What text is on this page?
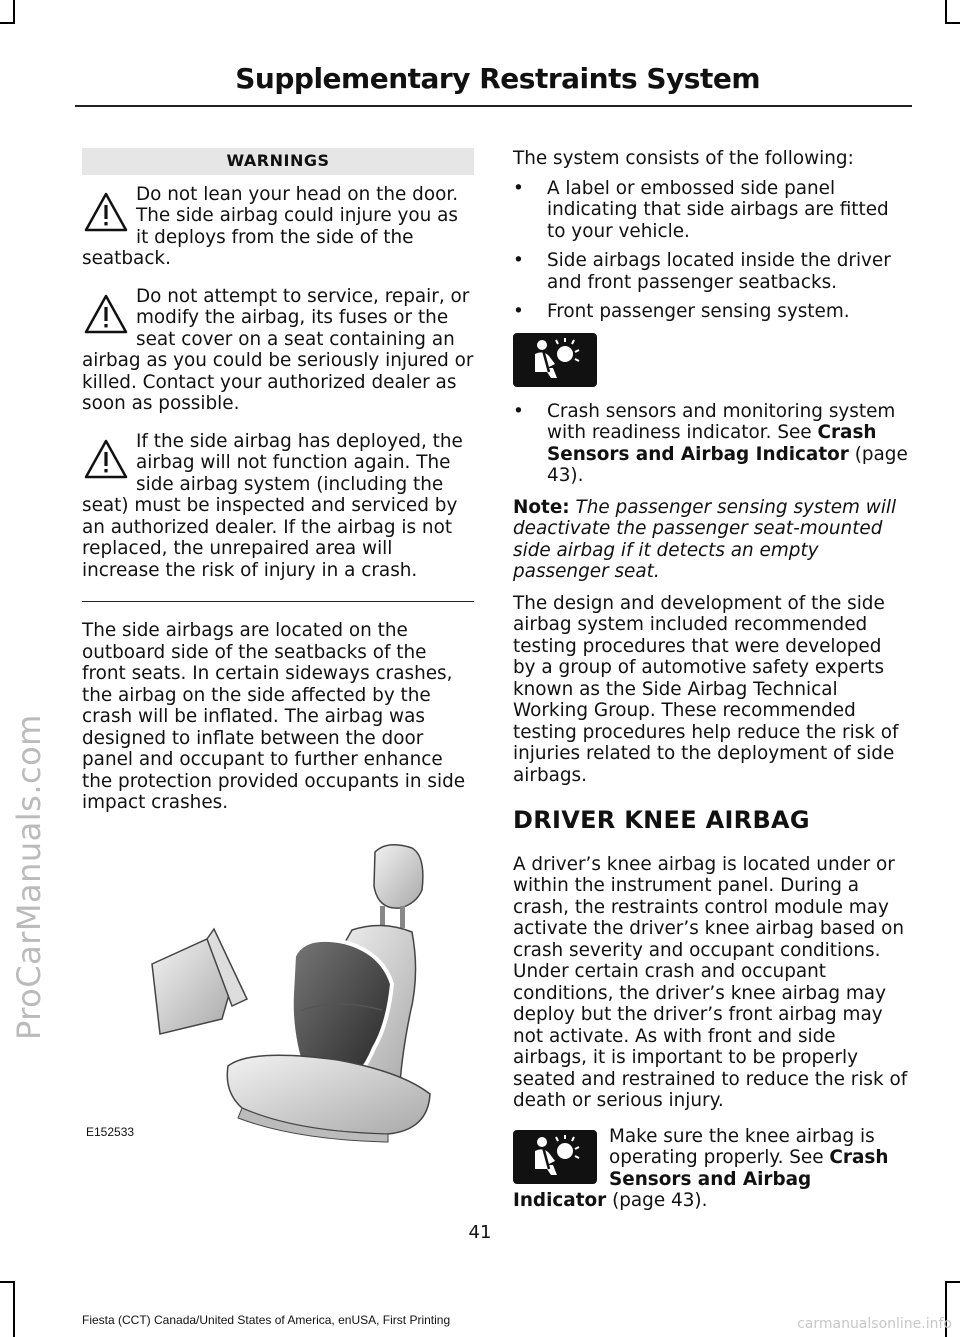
Supplementary Restraints System
ProCarManuals.com
WARNINGS
Do not lean your head on the door. The side airbag could injure you as it deploys from the side of the seatback.
Do not attempt to service, repair, or modify the airbag, its fuses or the seat cover on a seat containing an airbag as you could be seriously injured or killed. Contact your authorized dealer as soon as possible.
If the side airbag has deployed, the airbag will not function again. The side airbag system (including the seat) must be inspected and serviced by an authorized dealer. If the airbag is not replaced, the unrepaired area will increase the risk of injury in a crash.

The side airbags are located on the outboard side of the seatbacks of the front seats. In certain sideways crashes, the airbag on the side affected by the crash will be inflated. The airbag was designed to inflate between the door panel and occupant to further enhance the protection provided occupants in side impact crashes.

E152533

The system consists of the following:

• A label or embossed side panel indicating that side airbags are fitted to your vehicle.
• Side airbags located inside the driver and front passenger seatbacks.
• Front passenger sensing system.
• Crash sensors and monitoring system with readiness indicator. See Crash Sensors and Airbag Indicator (page 43).

Note: The passenger sensing system will deactivate the passenger seat-mounted side airbag if it detects an empty passenger seat.

The design and development of the side airbag system included recommended testing procedures that were developed by a group of automotive safety experts known as the Side Airbag Technical Working Group. These recommended testing procedures help reduce the risk of injuries related to the deployment of side airbags.

DRIVER KNEE AIRBAG

A driver’s knee airbag is located under or within the instrument panel. During a crash, the restraints control module may activate the driver’s knee airbag based on crash severity and occupant conditions. Under certain crash and occupant conditions, the driver’s knee airbag may deploy but the driver’s front airbag may not activate. As with front and side airbags, it is important to be properly seated and restrained to reduce the risk of death or serious injury.

Make sure the knee airbag is operating properly. See Crash Sensors and Airbag Indicator (page 43).
41
Fiesta (CCT) Canada/United States of America, enUSA, First Printing	carmanualsonline.info
